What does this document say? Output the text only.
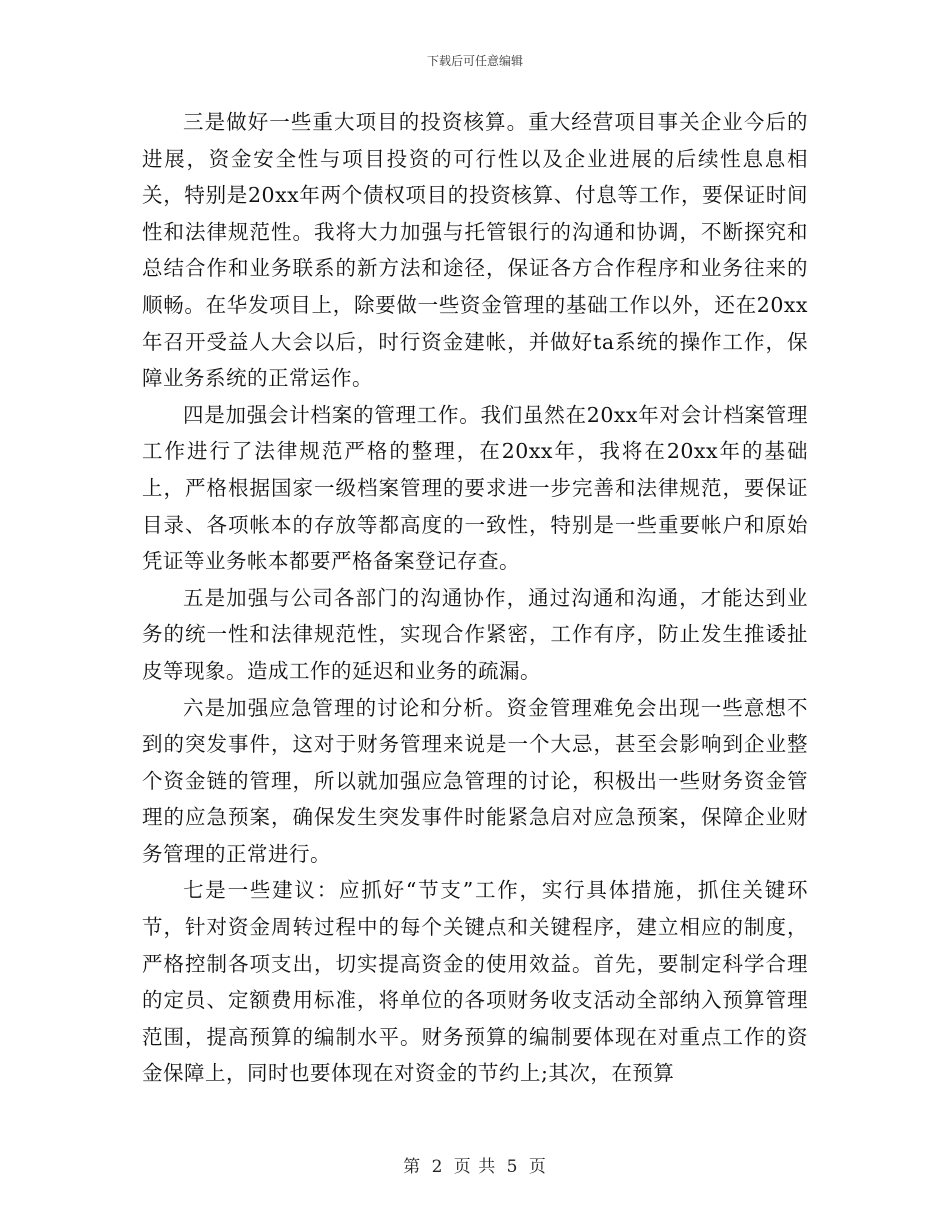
下载后可任意编辑

三是做好一些重大项目的投资核算。重大经营项目事关企业今后的进展，资金安全性与项目投资的可行性以及企业进展的后续性息息相关，特别是20xx年两个债权项目的投资核算、付息等工作，要保证时间性和法律规范性。我将大力加强与托管银行的沟通和协调，不断探究和总结合作和业务联系的新方法和途径，保证各方合作程序和业务往来的顺畅。在华发项目上，除要做一些资金管理的基础工作以外，还在20xx年召开受益人大会以后，时行资金建帐，并做好ta系统的操作工作，保障业务系统的正常运作。

四是加强会计档案的管理工作。我们虽然在20xx年对会计档案管理工作进行了法律规范严格的整理，在20xx年，我将在20xx年的基础上，严格根据国家一级档案管理的要求进一步完善和法律规范，要保证目录、各项帐本的存放等都高度的一致性，特别是一些重要帐户和原始凭证等业务帐本都要严格备案登记存查。

五是加强与公司各部门的沟通协作，通过沟通和沟通，才能达到业务的统一性和法律规范性，实现合作紧密，工作有序，防止发生推诿扯皮等现象。造成工作的延迟和业务的疏漏。

六是加强应急管理的讨论和分析。资金管理难免会出现一些意想不到的突发事件，这对于财务管理来说是一个大忌，甚至会影响到企业整个资金链的管理，所以就加强应急管理的讨论，积极出一些财务资金管理的应急预案，确保发生突发事件时能紧急启对应急预案，保障企业财务管理的正常进行。

七是一些建议：应抓好“节支”工作，实行具体措施，抓住关键环节，针对资金周转过程中的每个关键点和关键程序，建立相应的制度，严格控制各项支出，切实提高资金的使用效益。首先，要制定科学合理的定员、定额费用标准，将单位的各项财务收支活动全部纳入预算管理范围，提高预算的编制水平。财务预算的编制要体现在对重点工作的资金保障上，同时也要体现在对资金的节约上;其次，在预算

第 2 页 共 5 页
